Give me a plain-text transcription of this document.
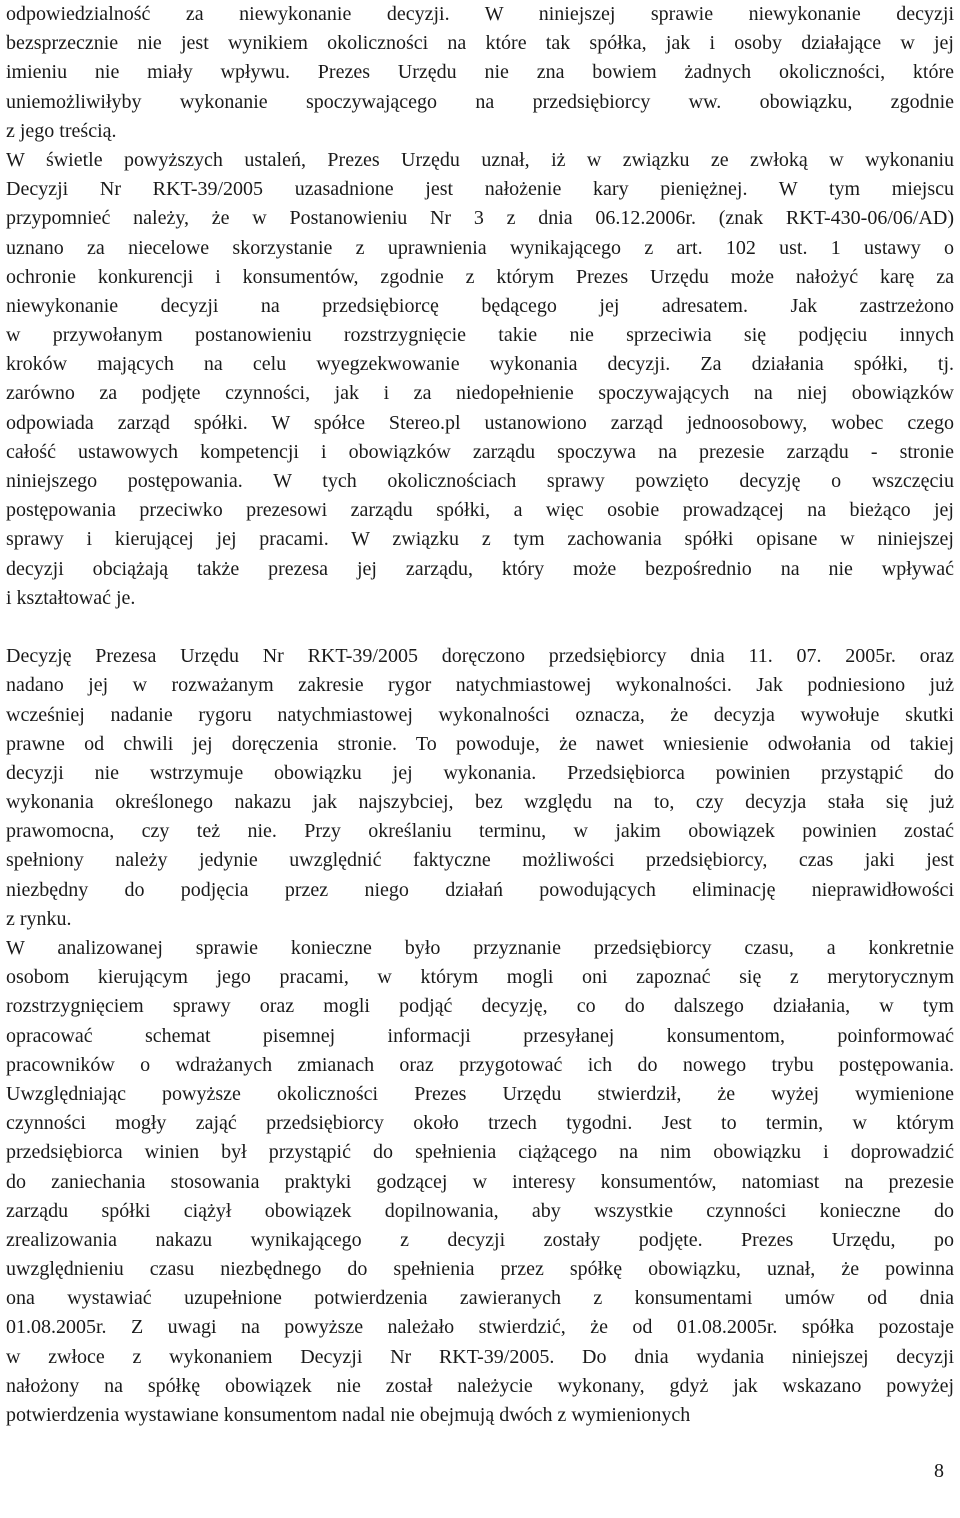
odpowiedzialność za niewykonanie decyzji. W niniejszej sprawie niewykonanie decyzji
bezsprzecznie nie jest wynikiem okoliczności na które tak spółka, jak i osoby działające w jej
imieniu nie miały wpływu. Prezes Urzędu nie zna bowiem żadnych okoliczności, które
uniemożliwiłyby wykonanie spoczywającego na przedsiębiorcy ww. obowiązku, zgodnie
z jego treścią.
W świetle powyższych ustaleń, Prezes Urzędu uznał, iż w związku ze zwłoką w wykonaniu
Decyzji Nr RKT-39/2005 uzasadnione jest nałożenie kary pieniężnej. W tym miejscu
przypomnieć należy, że w Postanowieniu Nr 3 z dnia 06.12.2006r. (znak RKT-430-06/06/AD)
uznano za niecelowe skorzystanie z uprawnienia wynikającego z art. 102 ust. 1 ustawy o
ochronie konkurencji i konsumentów, zgodnie z którym Prezes Urzędu może nałożyć karę za
niewykonanie decyzji na przedsiębiorcę będącego jej adresatem. Jak zastrzeżono
w przywołanym postanowieniu rozstrzygnięcie takie nie sprzeciwia się podjęciu innych
kroków mających na celu wyegzekwowanie wykonania decyzji. Za działania spółki, tj.
zarówno za podjęte czynności, jak i za niedopełnienie spoczywających na niej obowiązków
odpowiada zarząd spółki. W spółce Stereo.pl ustanowiono zarząd jednoosobowy, wobec czego
całość ustawowych kompetencji i obowiązków zarządu spoczywa na prezesie zarządu - stronie
niniejszego postępowania. W tych okolicznościach sprawy powzięto decyzję o wszczęciu
postępowania przeciwko prezesowi zarządu spółki, a więc osobie prowadzącej na bieżąco jej
sprawy i kierującej jej pracami. W związku z tym zachowania spółki opisane w niniejszej
decyzji obciążają także prezesa jej zarządu, który może bezpośrednio na nie wpływać
i kształtować je.
Decyzję Prezesa Urzędu Nr RKT-39/2005 doręczono przedsiębiorcy dnia 11. 07. 2005r. oraz
nadano jej w rozważanym zakresie rygor natychmiastowej wykonalności. Jak podniesiono już
wcześniej nadanie rygoru natychmiastowej wykonalności oznacza, że decyzja wywołuje skutki
prawne od chwili jej doręczenia stronie. To powoduje, że nawet wniesienie odwołania od takiej
decyzji nie wstrzymuje obowiązku jej wykonania. Przedsiębiorca powinien przystąpić do
wykonania określonego nakazu jak najszybciej, bez względu na to, czy decyzja stała się już
prawomocna, czy też nie. Przy określaniu terminu, w jakim obowiązek powinien zostać
spełniony należy jedynie uwzględnić faktyczne możliwości przedsiębiorcy, czas jaki jest
niezbędny do podjęcia przez niego działań powodujących eliminację nieprawidłowości
z rynku.
W analizowanej sprawie konieczne było przyznanie przedsiębiorcy czasu, a konkretnie
osobom kierującym jego pracami, w którym mogli oni zapoznać się z merytorycznym
rozstrzygnięciem sprawy oraz mogli podjąć decyzję, co do dalszego działania, w tym
opracować schemat pisemnej informacji przesyłanej konsumentom, poinformować
pracowników o wdrażanych zmianach oraz przygotować ich do nowego trybu postępowania.
Uwzględniając powyższe okoliczności Prezes Urzędu stwierdził, że wyżej wymienione
czynności mogły zająć przedsiębiorcy około trzech tygodni. Jest to termin, w którym
przedsiębiorca winien był przystąpić do spełnienia ciążącego na nim obowiązku i doprowadzić
do zaniechania stosowania praktyki godzącej w interesy konsumentów, natomiast na prezesie
zarządu spółki ciążył obowiązek dopilnowania, aby wszystkie czynności konieczne do
zrealizowania nakazu wynikającego z decyzji zostały podjęte. Prezes Urzędu, po
uwzględnieniu czasu niezbędnego do spełnienia przez spółkę obowiązku, uznał, że powinna
ona wystawiać uzupełnione potwierdzenia zawieranych z konsumentami umów od dnia
01.08.2005r. Z uwagi na powyższe należało stwierdzić, że od 01.08.2005r. spółka pozostaje
w zwłoce z wykonaniem Decyzji Nr RKT-39/2005. Do dnia wydania niniejszej decyzji
nałożony na spółkę obowiązek nie został należycie wykonany, gdyż jak wskazano powyżej
potwierdzenia wystawiane konsumentom nadal nie obejmują dwóch z wymienionych
8
